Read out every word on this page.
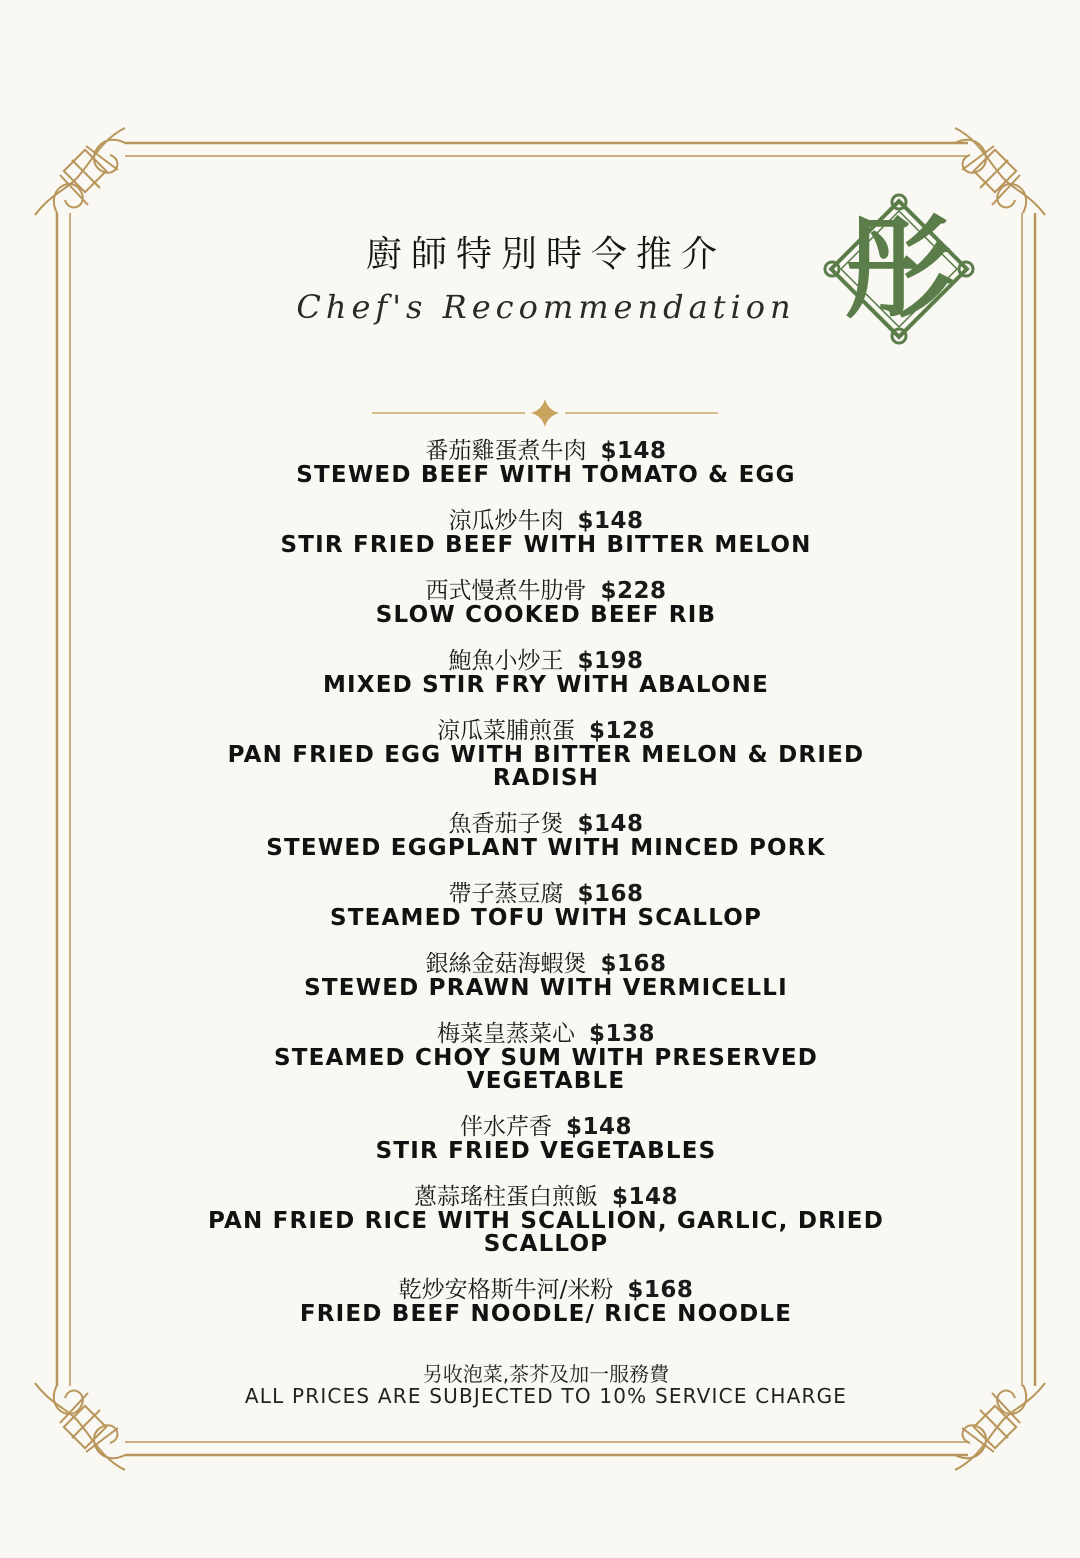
廚師特別時令推介
Chef's Recommendation 彤
番茄雞蛋煮牛肉 $148
STEWED BEEF WITH TOMATO & EGG
涼瓜炒牛肉 $148
STIR FRIED BEEF WITH BITTER MELON
西式慢煮牛肋骨 $228
SLOW COOKED BEEF RIB
鮑魚小炒王 $198
MIXED STIR FRY WITH ABALONE
涼瓜菜脯煎蛋 $128
PAN FRIED EGG WITH BITTER MELON & DRIED RADISH
魚香茄子煲 $148
STEWED EGGPLANT WITH MINCED PORK
帶子蒸豆腐 $168
STEAMED TOFU WITH SCALLOP
銀絲金菇海蝦煲 $168
STEWED PRAWN WITH VERMICELLI
梅菜皇蒸菜心 $138
STEAMED CHOY SUM WITH PRESERVED VEGETABLE
伴水芹香 $148
STIR FRIED VEGETABLES
蔥蒜瑤柱蛋白煎飯 $148
PAN FRIED RICE WITH SCALLION, GARLIC, DRIED SCALLOP
乾炒安格斯牛河/米粉 $168
FRIED BEEF NOODLE/ RICE NOODLE
另收泡菜,茶芥及加一服務費
ALL PRICES ARE SUBJECTED TO 10% SERVICE CHARGE
